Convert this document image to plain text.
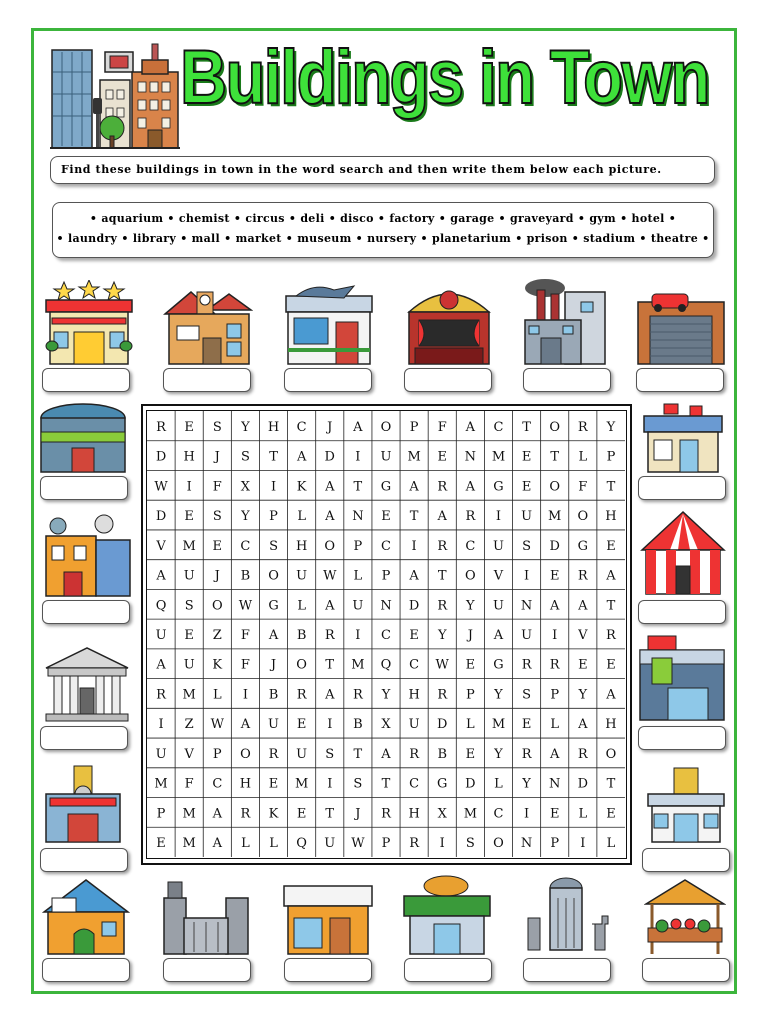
Buildings in Town
Find these buildings in town in the word search and then write them below each picture.
• aquarium • chemist • circus • deli • disco • factory • garage • graveyard • gym • hotel •
• laundry • library • mall • market • museum • nursery • planetarium • prison • stadium • theatre •
R E S Y H C J A O P F A C T O R Y
D H J S T A D I U M E N M E T L P
W I F X I K A T G A R A G E O F T
D E S Y P L A N E T A R I U M O H
V M E C S H O P C I R C U S D G E
A U J B O U W L P A T O V I E R A
Q S O W G L A U N D R Y U N A A T
U E Z F A B R I C E Y J A U I V R
A U K F J O T M Q C W E G R R E E
R M L I B R A R Y H R P Y S P Y A
I Z W A U E I B X U D L M E L A H
U V P O R U S T A R B E Y R A R O
M F C H E M I S T C G D L Y N D T
P M A R K E T J R H X M C I E L E
E M A L L Q U W P R I S O N P I L
